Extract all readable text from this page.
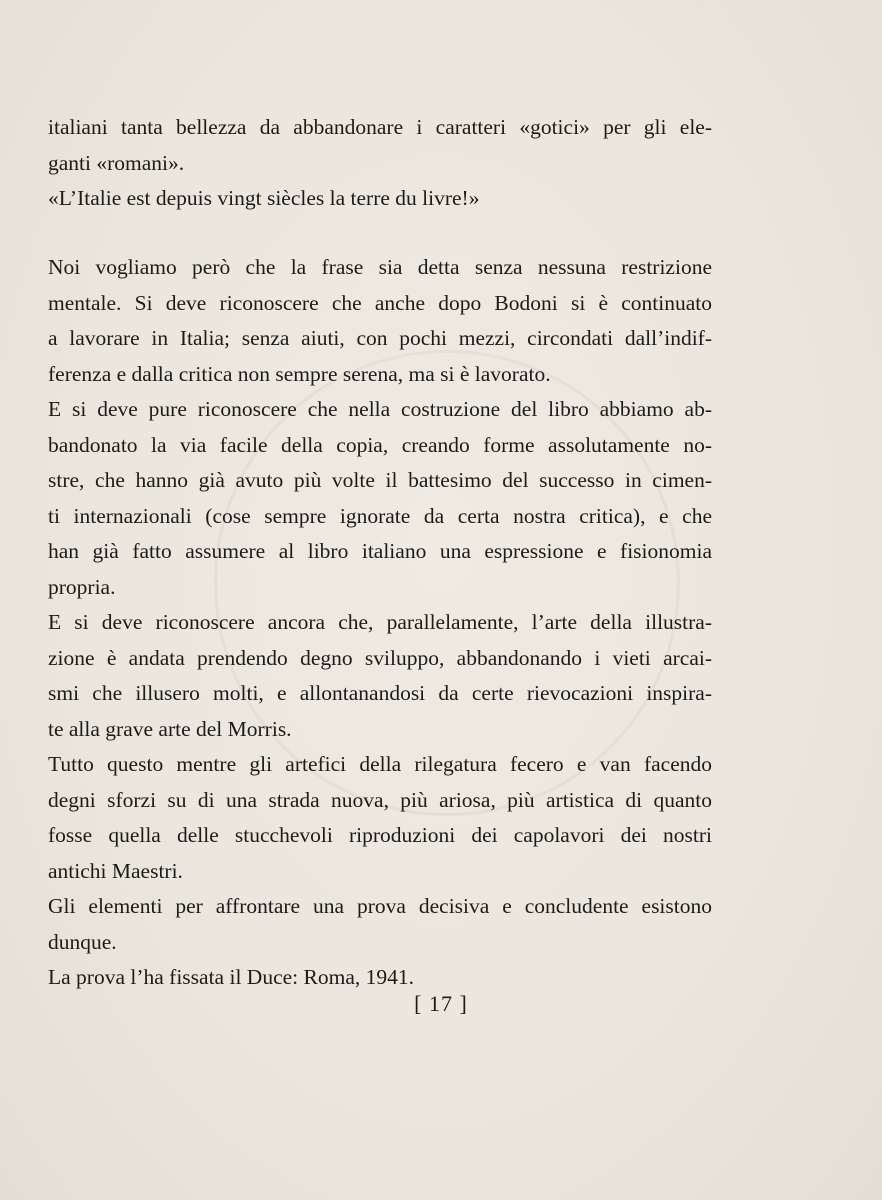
italiani tanta bellezza da abbandonare i caratteri «gotici» per gli ele-
ganti «romani».
«L’Italie est depuis vingt siècles la terre du livre!»
Noi vogliamo però che la frase sia detta senza nessuna restrizione
mentale. Si deve riconoscere che anche dopo Bodoni si è continuato
a lavorare in Italia; senza aiuti, con pochi mezzi, circondati dall’indif-
ferenza e dalla critica non sempre serena, ma si è lavorato.
E si deve pure riconoscere che nella costruzione del libro abbiamo ab-
bandonato la via facile della copia, creando forme assolutamente no-
stre, che hanno già avuto più volte il battesimo del successo in cimen-
ti internazionali (cose sempre ignorate da certa nostra critica), e che
han già fatto assumere al libro italiano una espressione e fisionomia
propria.
E si deve riconoscere ancora che, parallelamente, l’arte della illustra-
zione è andata prendendo degno sviluppo, abbandonando i vieti arcai-
smi che illusero molti, e allontanandosi da certe rievocazioni inspira-
te alla grave arte del Morris.
Tutto questo mentre gli artefici della rilegatura fecero e van facendo
degni sforzi su di una strada nuova, più ariosa, più artistica di quanto
fosse quella delle stucchevoli riproduzioni dei capolavori dei nostri
antichi Maestri.
Gli elementi per affrontare una prova decisiva e concludente esistono
dunque.
La prova l’ha fissata il Duce: Roma, 1941.
[ 17 ]
